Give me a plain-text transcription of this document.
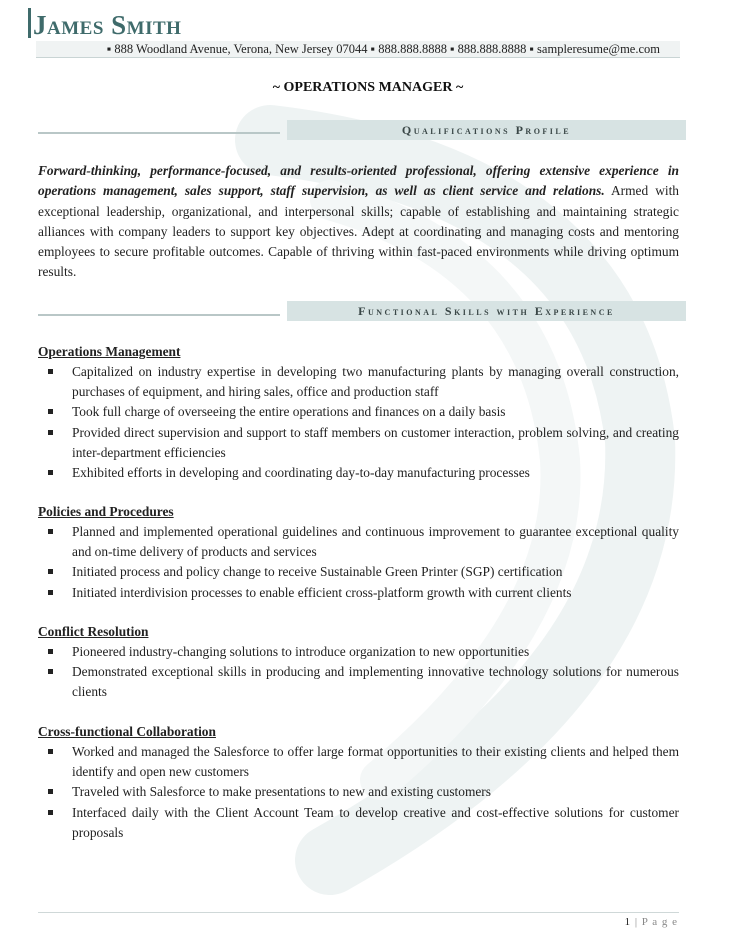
James Smith
▪ 888 Woodland Avenue, Verona, New Jersey 07044 ▪ 888.888.8888 ▪ 888.888.8888 ▪ sampleresume@me.com
~ OPERATIONS MANAGER ~
Qualifications Profile

Forward-thinking, performance-focused, and results-oriented professional, offering extensive experience in operations management, sales support, staff supervision, as well as client service and relations. Armed with exceptional leadership, organizational, and interpersonal skills; capable of establishing and maintaining strategic alliances with company leaders to support key objectives. Adept at coordinating and managing costs and mentoring employees to secure profitable outcomes. Capable of thriving within fast-paced environments while driving optimum results.

Functional Skills with Experience

Operations Management

Capitalized on industry expertise in developing two manufacturing plants by managing overall construction, purchases of equipment, and hiring sales, office and production staff
Took full charge of overseeing the entire operations and finances on a daily basis
Provided direct supervision and support to staff members on customer interaction, problem solving, and creating inter-department efficiencies
Exhibited efforts in developing and coordinating day-to-day manufacturing processes

Policies and Procedures

Planned and implemented operational guidelines and continuous improvement to guarantee exceptional quality and on-time delivery of products and services
Initiated process and policy change to receive Sustainable Green Printer (SGP) certification
Initiated interdivision processes to enable efficient cross-platform growth with current clients

Conflict Resolution

Pioneered industry-changing solutions to introduce organization to new opportunities
Demonstrated exceptional skills in producing and implementing innovative technology solutions for numerous clients

Cross-functional Collaboration

Worked and managed the Salesforce to offer large format opportunities to their existing clients and helped them identify and open new customers
Traveled with Salesforce to make presentations to new and existing customers
Interfaced daily with the Client Account Team to develop creative and cost-effective solutions for customer proposals
1 | P a g e
